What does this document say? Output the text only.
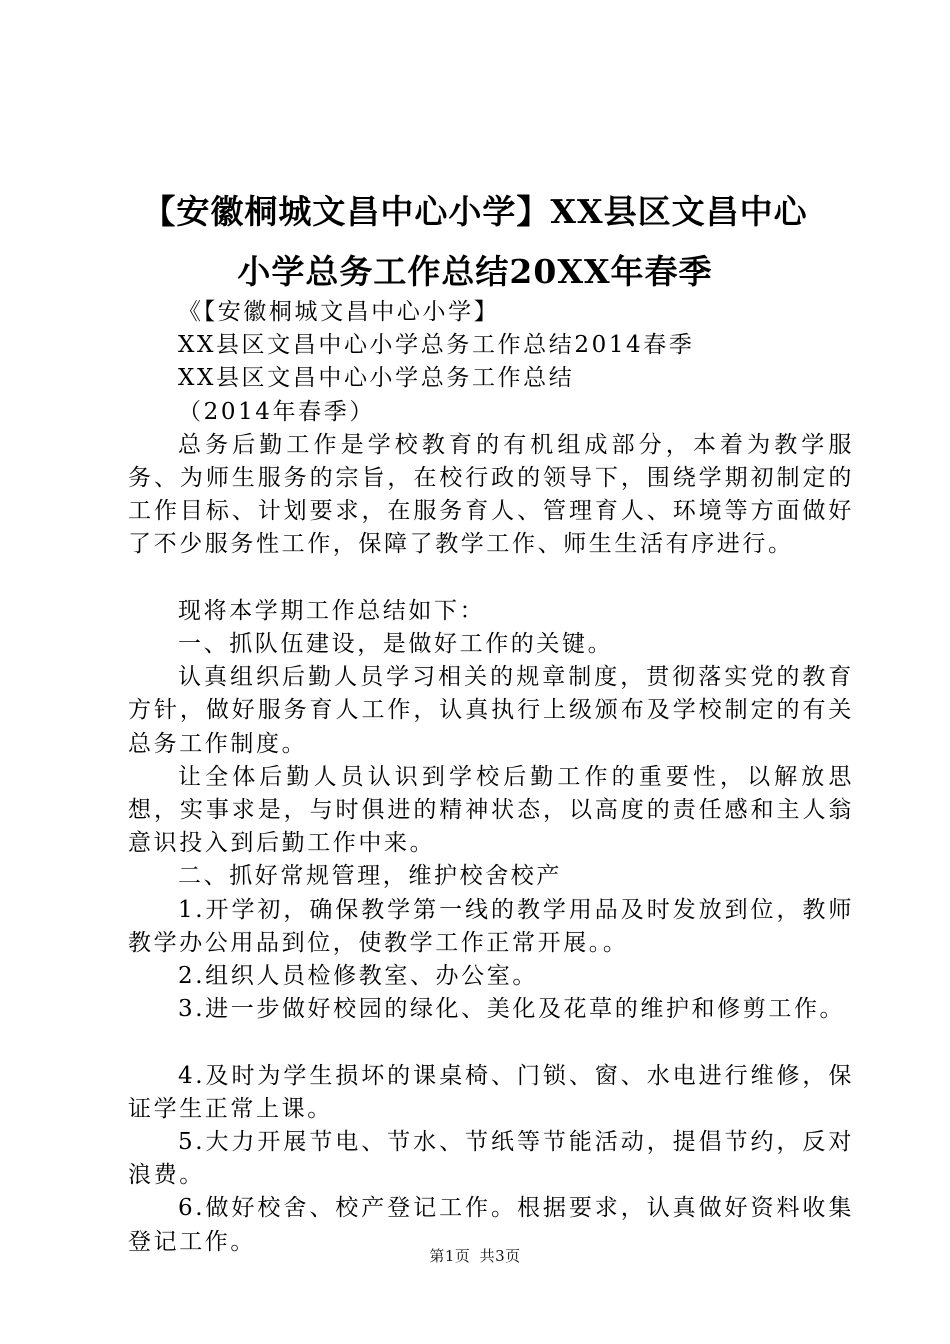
【安徽桐城文昌中心小学】XX县区文昌中心
小学总务工作总结20XX年春季

《【安徽桐城文昌中心小学】

XX县区文昌中心小学总务工作总结2014春季

XX县区文昌中心小学总务工作总结

（2014年春季）

总务后勤工作是学校教育的有机组成部分，本着为教学服务、为师生服务的宗旨，在校行政的领导下，围绕学期初制定的工作目标、计划要求，在服务育人、管理育人、环境等方面做好了不少服务性工作，保障了教学工作、师生生活有序进行。

现将本学期工作总结如下：

一、抓队伍建设，是做好工作的关键。

认真组织后勤人员学习相关的规章制度，贯彻落实党的教育方针，做好服务育人工作，认真执行上级颁布及学校制定的有关总务工作制度。

让全体后勤人员认识到学校后勤工作的重要性，以解放思想，实事求是，与时俱进的精神状态，以高度的责任感和主人翁意识投入到后勤工作中来。

二、抓好常规管理，维护校舍校产

1.开学初，确保教学第一线的教学用品及时发放到位，教师教学办公用品到位，使教学工作正常开展。。

2.组织人员检修教室、办公室。

3.进一步做好校园的绿化、美化及花草的维护和修剪工作。

4.及时为学生损坏的课桌椅、门锁、窗、水电进行维修，保证学生正常上课。

5.大力开展节电、节水、节纸等节能活动，提倡节约，反对浪费。

6.做好校舍、校产登记工作。根据要求，认真做好资料收集登记工作。

第1页 共3页
